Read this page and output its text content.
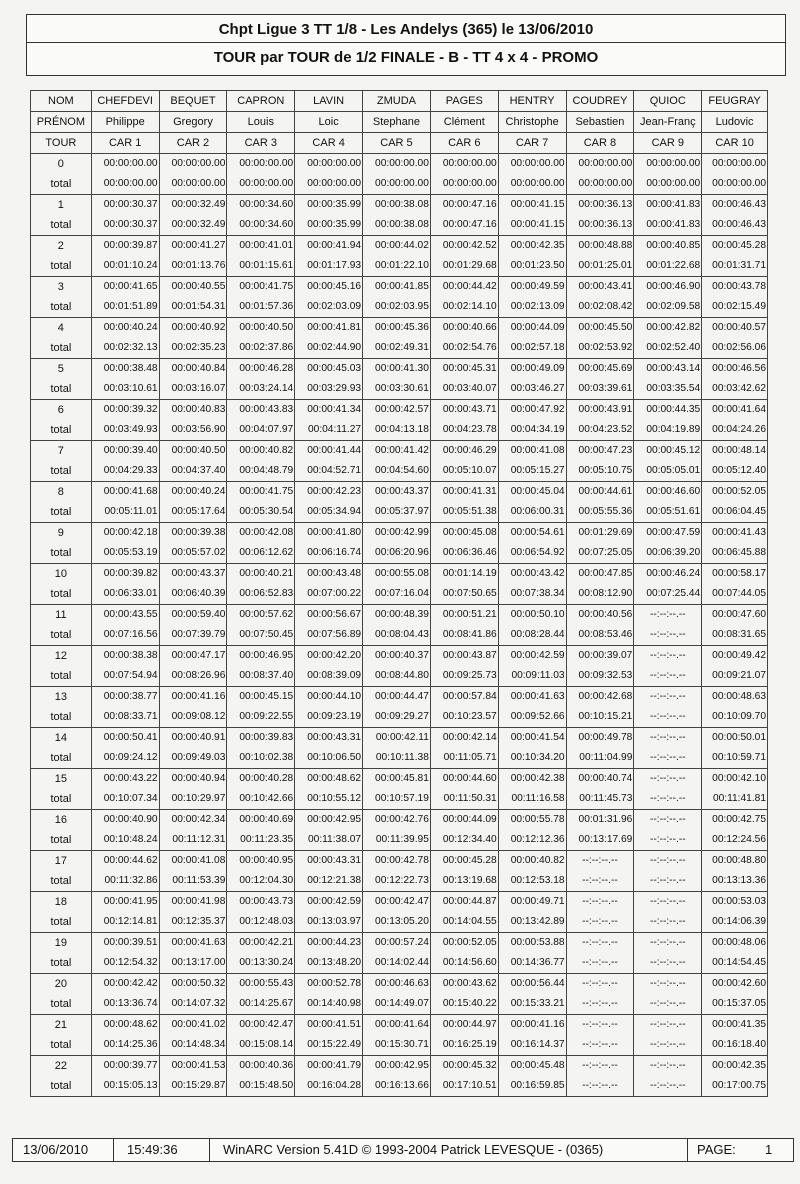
Chpt Ligue 3 TT 1/8 - Les Andelys (365) le 13/06/2010
TOUR par TOUR de 1/2 FINALE - B - TT 4 x 4 - PROMO
NOM	CHEFDEVI	BEQUET	CAPRON	LAVIN	ZMUDA	PAGES	HENTRY	COUDREY	QUIOC	FEUGRAY
PRÉNOM	Philippe	Gregory	Louis	Loic	Stephane	Clément	Christophe	Sebastien	Jean-Franç	Ludovic
TOUR	CAR 1	CAR 2	CAR 3	CAR 4	CAR 5	CAR 6	CAR 7	CAR 8	CAR 9	CAR 10
0	00:00:00.00	00:00:00.00	00:00:00.00	00:00:00.00	00:00:00.00	00:00:00.00	00:00:00.00	00:00:00.00	00:00:00.00	00:00:00.00
total	00:00:00.00	00:00:00.00	00:00:00.00	00:00:00.00	00:00:00.00	00:00:00.00	00:00:00.00	00:00:00.00	00:00:00.00	00:00:00.00
1	00:00:30.37	00:00:32.49	00:00:34.60	00:00:35.99	00:00:38.08	00:00:47.16	00:00:41.15	00:00:36.13	00:00:41.83	00:00:46.43
total	00:00:30.37	00:00:32.49	00:00:34.60	00:00:35.99	00:00:38.08	00:00:47.16	00:00:41.15	00:00:36.13	00:00:41.83	00:00:46.43
2	00:00:39.87	00:00:41.27	00:00:41.01	00:00:41.94	00:00:44.02	00:00:42.52	00:00:42.35	00:00:48.88	00:00:40.85	00:00:45.28
total	00:01:10.24	00:01:13.76	00:01:15.61	00:01:17.93	00:01:22.10	00:01:29.68	00:01:23.50	00:01:25.01	00:01:22.68	00:01:31.71
3	00:00:41.65	00:00:40.55	00:00:41.75	00:00:45.16	00:00:41.85	00:00:44.42	00:00:49.59	00:00:43.41	00:00:46.90	00:00:43.78
total	00:01:51.89	00:01:54.31	00:01:57.36	00:02:03.09	00:02:03.95	00:02:14.10	00:02:13.09	00:02:08.42	00:02:09.58	00:02:15.49
4	00:00:40.24	00:00:40.92	00:00:40.50	00:00:41.81	00:00:45.36	00:00:40.66	00:00:44.09	00:00:45.50	00:00:42.82	00:00:40.57
total	00:02:32.13	00:02:35.23	00:02:37.86	00:02:44.90	00:02:49.31	00:02:54.76	00:02:57.18	00:02:53.92	00:02:52.40	00:02:56.06
5	00:00:38.48	00:00:40.84	00:00:46.28	00:00:45.03	00:00:41.30	00:00:45.31	00:00:49.09	00:00:45.69	00:00:43.14	00:00:46.56
total	00:03:10.61	00:03:16.07	00:03:24.14	00:03:29.93	00:03:30.61	00:03:40.07	00:03:46.27	00:03:39.61	00:03:35.54	00:03:42.62
6	00:00:39.32	00:00:40.83	00:00:43.83	00:00:41.34	00:00:42.57	00:00:43.71	00:00:47.92	00:00:43.91	00:00:44.35	00:00:41.64
total	00:03:49.93	00:03:56.90	00:04:07.97	00:04:11.27	00:04:13.18	00:04:23.78	00:04:34.19	00:04:23.52	00:04:19.89	00:04:24.26
7	00:00:39.40	00:00:40.50	00:00:40.82	00:00:41.44	00:00:41.42	00:00:46.29	00:00:41.08	00:00:47.23	00:00:45.12	00:00:48.14
total	00:04:29.33	00:04:37.40	00:04:48.79	00:04:52.71	00:04:54.60	00:05:10.07	00:05:15.27	00:05:10.75	00:05:05.01	00:05:12.40
8	00:00:41.68	00:00:40.24	00:00:41.75	00:00:42.23	00:00:43.37	00:00:41.31	00:00:45.04	00:00:44.61	00:00:46.60	00:00:52.05
total	00:05:11.01	00:05:17.64	00:05:30.54	00:05:34.94	00:05:37.97	00:05:51.38	00:06:00.31	00:05:55.36	00:05:51.61	00:06:04.45
9	00:00:42.18	00:00:39.38	00:00:42.08	00:00:41.80	00:00:42.99	00:00:45.08	00:00:54.61	00:01:29.69	00:00:47.59	00:00:41.43
total	00:05:53.19	00:05:57.02	00:06:12.62	00:06:16.74	00:06:20.96	00:06:36.46	00:06:54.92	00:07:25.05	00:06:39.20	00:06:45.88
10	00:00:39.82	00:00:43.37	00:00:40.21	00:00:43.48	00:00:55.08	00:01:14.19	00:00:43.42	00:00:47.85	00:00:46.24	00:00:58.17
total	00:06:33.01	00:06:40.39	00:06:52.83	00:07:00.22	00:07:16.04	00:07:50.65	00:07:38.34	00:08:12.90	00:07:25.44	00:07:44.05
11	00:00:43.55	00:00:59.40	00:00:57.62	00:00:56.67	00:00:48.39	00:00:51.21	00:00:50.10	00:00:40.56	--:--:--.--	00:00:47.60
total	00:07:16.56	00:07:39.79	00:07:50.45	00:07:56.89	00:08:04.43	00:08:41.86	00:08:28.44	00:08:53.46	--:--:--.--	00:08:31.65
12	00:00:38.38	00:00:47.17	00:00:46.95	00:00:42.20	00:00:40.37	00:00:43.87	00:00:42.59	00:00:39.07	--:--:--.--	00:00:49.42
total	00:07:54.94	00:08:26.96	00:08:37.40	00:08:39.09	00:08:44.80	00:09:25.73	00:09:11.03	00:09:32.53	--:--:--.--	00:09:21.07
13	00:00:38.77	00:00:41.16	00:00:45.15	00:00:44.10	00:00:44.47	00:00:57.84	00:00:41.63	00:00:42.68	--:--:--.--	00:00:48.63
total	00:08:33.71	00:09:08.12	00:09:22.55	00:09:23.19	00:09:29.27	00:10:23.57	00:09:52.66	00:10:15.21	--:--:--.--	00:10:09.70
14	00:00:50.41	00:00:40.91	00:00:39.83	00:00:43.31	00:00:42.11	00:00:42.14	00:00:41.54	00:00:49.78	--:--:--.--	00:00:50.01
total	00:09:24.12	00:09:49.03	00:10:02.38	00:10:06.50	00:10:11.38	00:11:05.71	00:10:34.20	00:11:04.99	--:--:--.--	00:10:59.71
15	00:00:43.22	00:00:40.94	00:00:40.28	00:00:48.62	00:00:45.81	00:00:44.60	00:00:42.38	00:00:40.74	--:--:--.--	00:00:42.10
total	00:10:07.34	00:10:29.97	00:10:42.66	00:10:55.12	00:10:57.19	00:11:50.31	00:11:16.58	00:11:45.73	--:--:--.--	00:11:41.81
16	00:00:40.90	00:00:42.34	00:00:40.69	00:00:42.95	00:00:42.76	00:00:44.09	00:00:55.78	00:01:31.96	--:--:--.--	00:00:42.75
total	00:10:48.24	00:11:12.31	00:11:23.35	00:11:38.07	00:11:39.95	00:12:34.40	00:12:12.36	00:13:17.69	--:--:--.--	00:12:24.56
17	00:00:44.62	00:00:41.08	00:00:40.95	00:00:43.31	00:00:42.78	00:00:45.28	00:00:40.82	--:--:--.--	--:--:--.--	00:00:48.80
total	00:11:32.86	00:11:53.39	00:12:04.30	00:12:21.38	00:12:22.73	00:13:19.68	00:12:53.18	--:--:--.--	--:--:--.--	00:13:13.36
18	00:00:41.95	00:00:41.98	00:00:43.73	00:00:42.59	00:00:42.47	00:00:44.87	00:00:49.71	--:--:--.--	--:--:--.--	00:00:53.03
total	00:12:14.81	00:12:35.37	00:12:48.03	00:13:03.97	00:13:05.20	00:14:04.55	00:13:42.89	--:--:--.--	--:--:--.--	00:14:06.39
19	00:00:39.51	00:00:41.63	00:00:42.21	00:00:44.23	00:00:57.24	00:00:52.05	00:00:53.88	--:--:--.--	--:--:--.--	00:00:48.06
total	00:12:54.32	00:13:17.00	00:13:30.24	00:13:48.20	00:14:02.44	00:14:56.60	00:14:36.77	--:--:--.--	--:--:--.--	00:14:54.45
20	00:00:42.42	00:00:50.32	00:00:55.43	00:00:52.78	00:00:46.63	00:00:43.62	00:00:56.44	--:--:--.--	--:--:--.--	00:00:42.60
total	00:13:36.74	00:14:07.32	00:14:25.67	00:14:40.98	00:14:49.07	00:15:40.22	00:15:33.21	--:--:--.--	--:--:--.--	00:15:37.05
21	00:00:48.62	00:00:41.02	00:00:42.47	00:00:41.51	00:00:41.64	00:00:44.97	00:00:41.16	--:--:--.--	--:--:--.--	00:00:41.35
total	00:14:25.36	00:14:48.34	00:15:08.14	00:15:22.49	00:15:30.71	00:16:25.19	00:16:14.37	--:--:--.--	--:--:--.--	00:16:18.40
22	00:00:39.77	00:00:41.53	00:00:40.36	00:00:41.79	00:00:42.95	00:00:45.32	00:00:45.48	--:--:--.--	--:--:--.--	00:00:42.35
total	00:15:05.13	00:15:29.87	00:15:48.50	00:16:04.28	00:16:13.66	00:17:10.51	00:16:59.85	--:--:--.--	--:--:--.--	00:17:00.75
13/06/2010	15:49:36	WinARC Version 5.41D © 1993-2004 Patrick LEVESQUE - (0365)	PAGE: 1
